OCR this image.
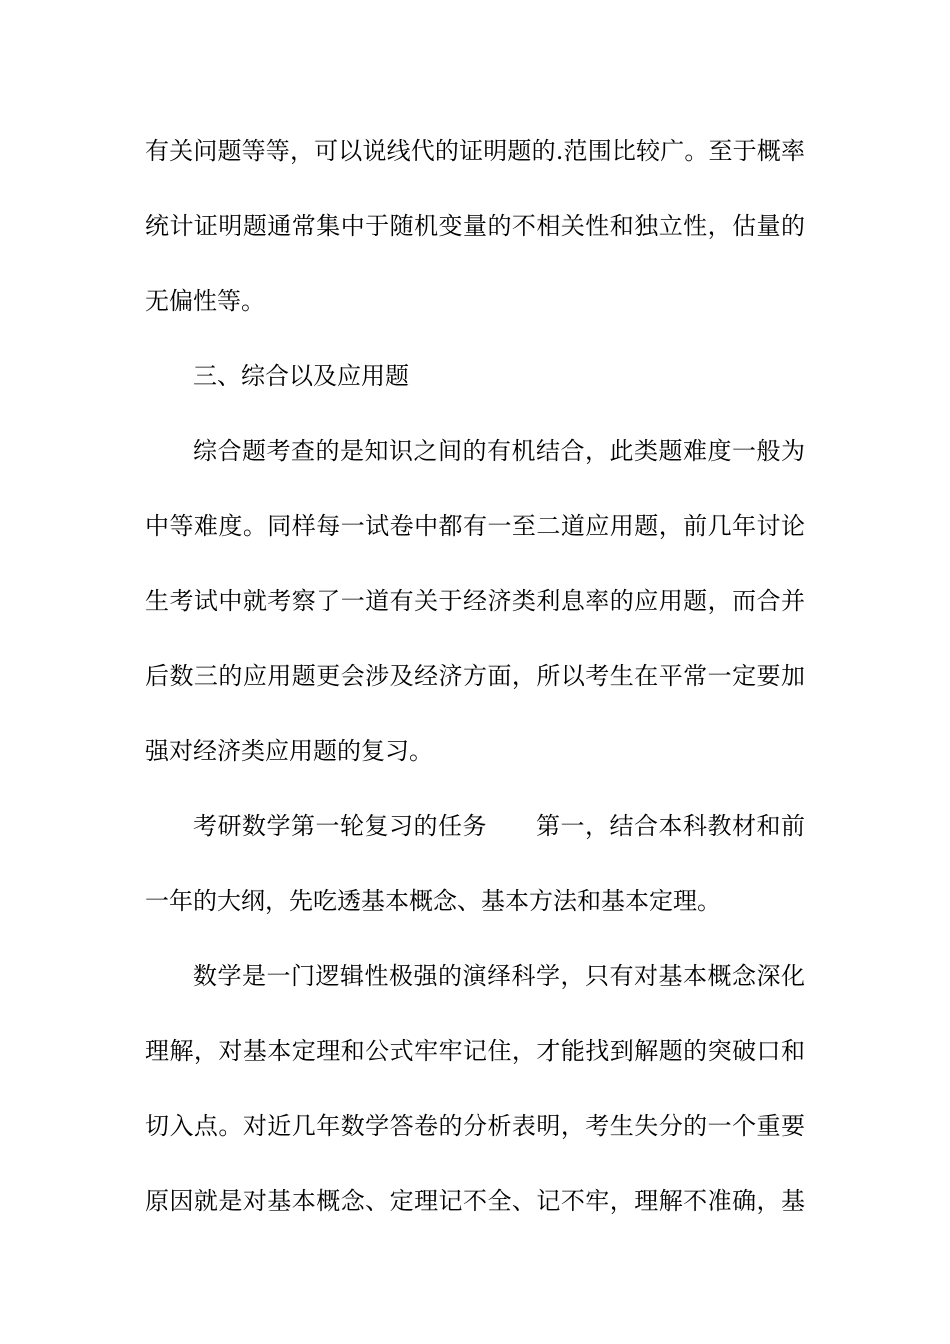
有关问题等等，可以说线代的证明题的.范围比较广。至于概率
统计证明题通常集中于随机变量的不相关性和独立性，估量的
无偏性等。
三、综合以及应用题
综合题考查的是知识之间的有机结合，此类题难度一般为
中等难度。同样每一试卷中都有一至二道应用题，前几年讨论
生考试中就考察了一道有关于经济类利息率的应用题，而合并
后数三的应用题更会涉及经济方面，所以考生在平常一定要加
强对经济类应用题的复习。
考研数学第一轮复习的任务　　第一，结合本科教材和前
一年的大纲，先吃透基本概念、基本方法和基本定理。
数学是一门逻辑性极强的演绎科学，只有对基本概念深化
理解，对基本定理和公式牢牢记住，才能找到解题的突破口和
切入点。对近几年数学答卷的分析表明，考生失分的一个重要
原因就是对基本概念、定理记不全、记不牢，理解不准确，基
